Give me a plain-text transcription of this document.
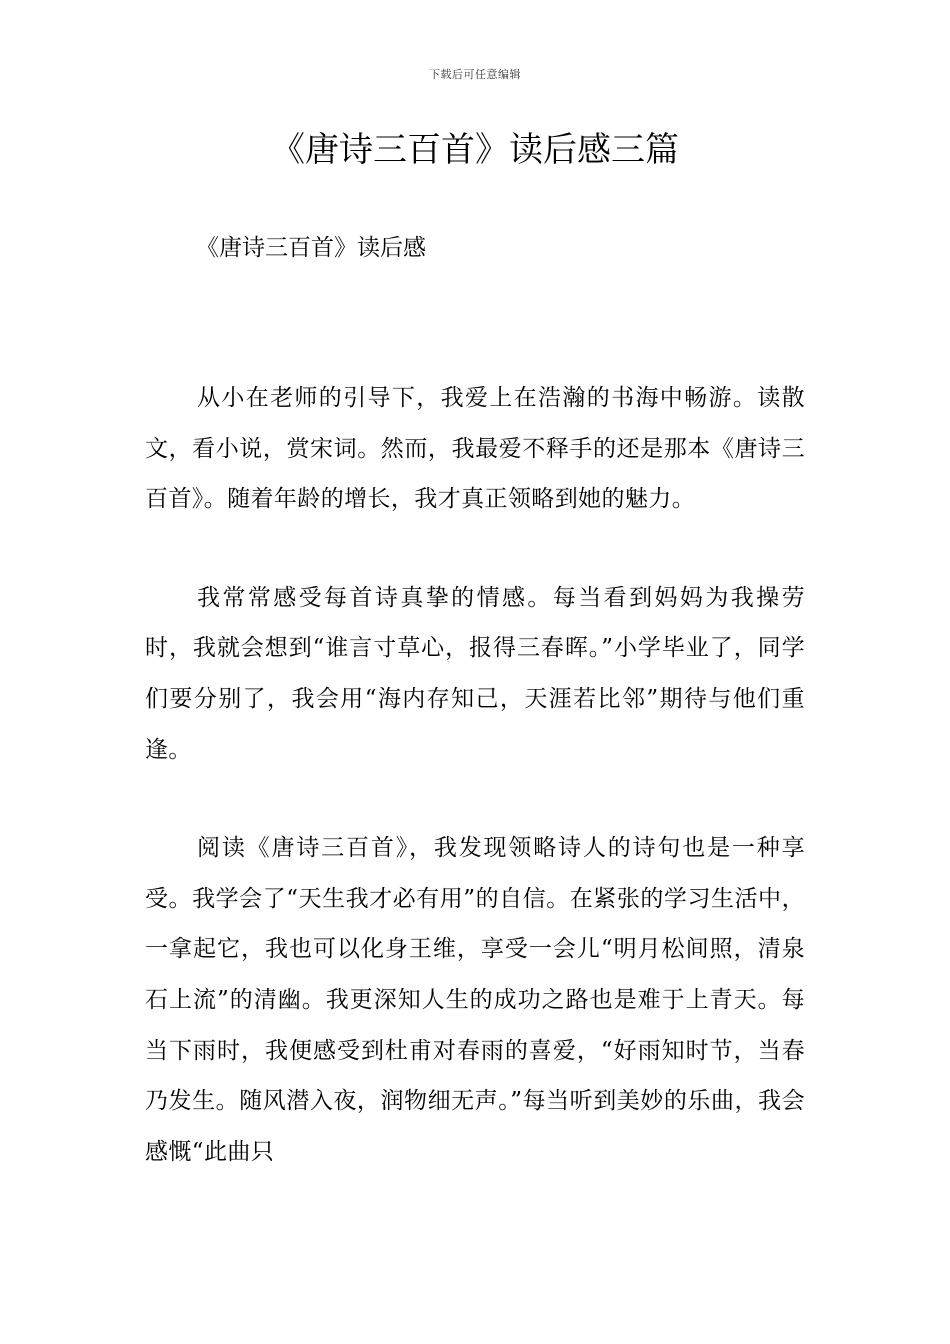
下载后可任意编辑
《唐诗三百首》读后感三篇

《唐诗三百首》读后感

从小在老师的引导下，我爱上在浩瀚的书海中畅游。读散文，看小说，赏宋词。然而，我最爱不释手的还是那本《唐诗三百首》。随着年龄的增长，我才真正领略到她的魅力。

我常常感受每首诗真挚的情感。每当看到妈妈为我操劳时，我就会想到“谁言寸草心，报得三春晖。”小学毕业了，同学们要分别了，我会用“海内存知己，天涯若比邻”期待与他们重逢。

阅读《唐诗三百首》，我发现领略诗人的诗句也是一种享受。我学会了“天生我才必有用”的自信。在紧张的学习生活中，一拿起它，我也可以化身王维，享受一会儿“明月松间照，清泉石上流”的清幽。我更深知人生的成功之路也是难于上青天。每当下雨时，我便感受到杜甫对春雨的喜爱，“好雨知时节，当春乃发生。随风潜入夜，润物细无声。”每当听到美妙的乐曲，我会感慨“此曲只
